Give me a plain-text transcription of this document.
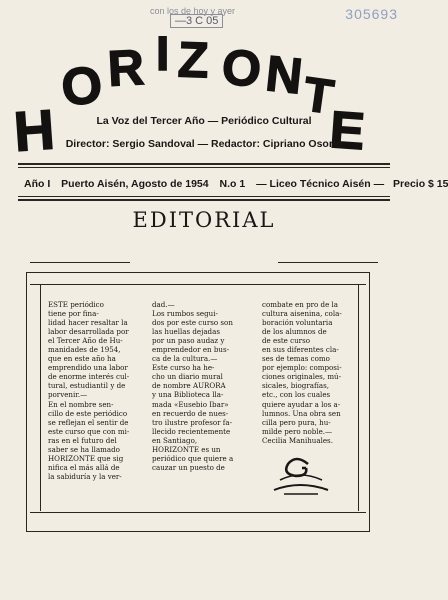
con los de hoy y ayer
—3 C 05	305693
H
O R I Z O N
T
E
La Voz del Tercer Año — Periódico Cultural
Director: Sergio Sandoval — Redactor: Cipriano Osorio
Año I Puerto Aisén, Agosto de 1954 N.o 1 — Liceo Técnico Aisén — Precio $ 15
EDITORIAL
ESTE periódico
tiene por fina-
lidad hacer resaltar la
labor desarrollada por
el Tercer Año de Hu-
manidades de 1954,
que en este año ha
emprendido una labor
de enorme interés cul-
tural, estudiantil y de
porvenir.—
En el nombre sen-
cillo de este periódico
se reflejan el sentir de
este curso que con mi-
ras en el futuro del
saber se ha llamado
HORIZONTE que sig
nifica el más allá de
la sabiduría y la ver-
dad.—
Los rumbos segui-
dos por este curso son
las huellas dejadas
por un paso audaz y
emprendedor en bus-
ca de la cultura.—
Este curso ha he-
cho un diario mural
de nombre AURORA
y una Biblioteca lla-
mada «Eusebio Ibar»
en recuerdo de nues-
tro ilustre profesor fa-
llecido recientemente
en Santiago,
HORIZONTE es un
periódico que quiere a
cauzar un puesto de
combate en pro de la
cultura aisenina, cola-
boración voluntaria
de los alumnos de
de este curso
en sus diferentes cla-
ses de temas como
por ejemplo: composi-
ciones originales, mú-
sicales, biografías,
etc., con los cuales
quiere ayudar a los a-
lumnos. Una obra sen
cilla pero pura, hu-
milde pero noble.—
Cecilia Manihuales.
